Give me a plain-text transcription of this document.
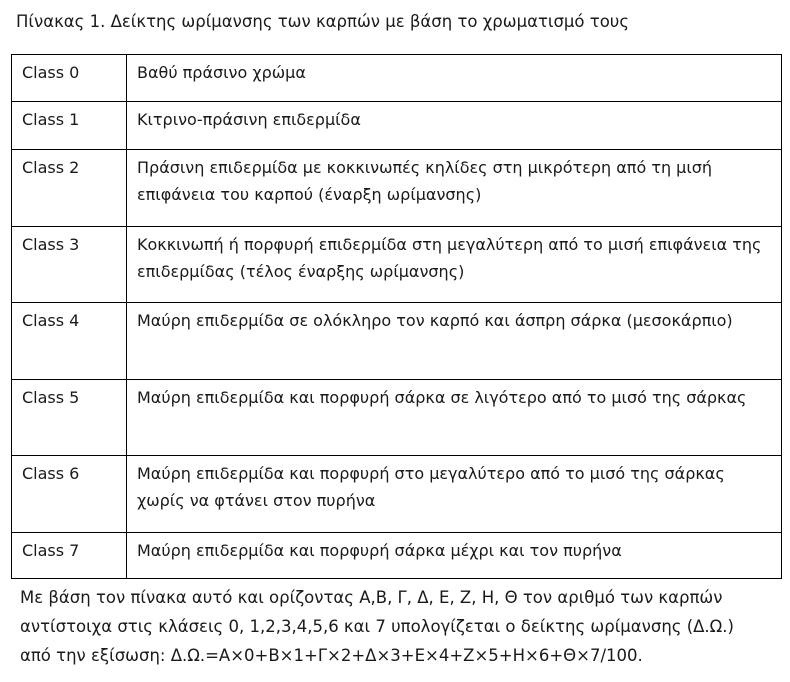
Πίνακας 1. Δείκτης ωρίμανσης των καρπών με βάση το χρωματισμό τους
Class 0	Βαθύ πράσινο χρώμα
Class 1	Κιτρινο-πράσινη επιδερμίδα
Class 2	Πράσινη επιδερμίδα με κοκκινωπές κηλίδες στη μικρότερη από τη μισή επιφάνεια του καρπού (έναρξη ωρίμανσης)
Class 3	Κοκκινωπή ή πορφυρή επιδερμίδα στη μεγαλύτερη από το μισή επιφάνεια της επιδερμίδας (τέλος έναρξης ωρίμανσης)
Class 4	Μαύρη επιδερμίδα σε ολόκληρο τον καρπό και άσπρη σάρκα (μεσοκάρπιο)
Class 5	Μαύρη επιδερμίδα και πορφυρή σάρκα σε λιγότερο από το μισό της σάρκας
Class 6	Μαύρη επιδερμίδα και πορφυρή στο μεγαλύτερο από το μισό της σάρκας χωρίς να φτάνει στον πυρήνα
Class 7	Μαύρη επιδερμίδα και πορφυρή σάρκα μέχρι και τον πυρήνα

Με βάση τον πίνακα αυτό και ορίζοντας Α,Β, Γ, Δ, Ε, Ζ, Η, Θ τον αριθμό των καρπών

αντίστοιχα στις κλάσεις 0, 1,2,3,4,5,6 και 7 υπολογίζεται ο δείκτης ωρίμανσης (Δ.Ω.)

από την εξίσωση: Δ.Ω.=Α×0+Β×1+Γ×2+Δ×3+Ε×4+Ζ×5+Η×6+Θ×7/100.
